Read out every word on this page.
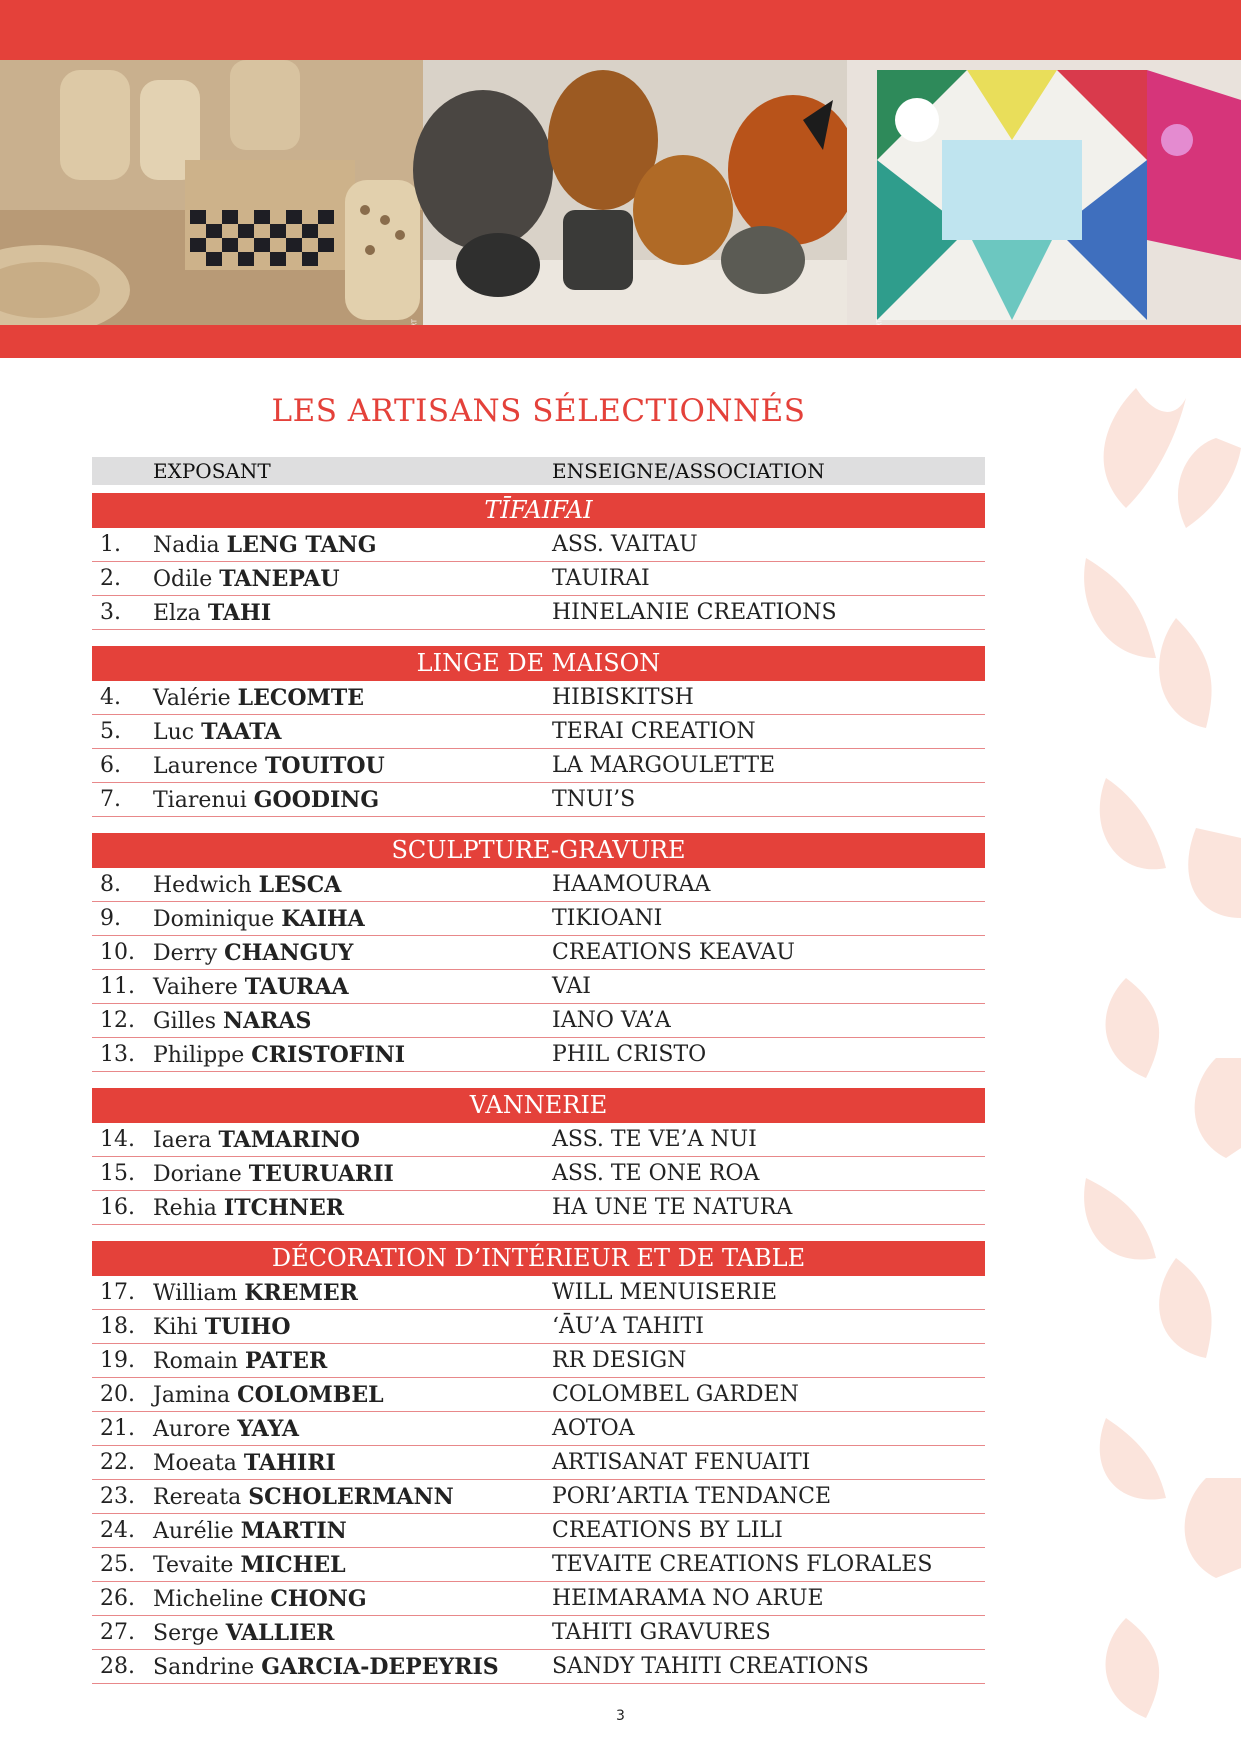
LES ARTISANS SÉLECTIONNÉS
EXPOSANT	ENSEIGNE/ASSOCIATION
TĪFAIFAI
1.	Nadia LENG TANG	ASS. VAITAU
2.	Odile TANEPAU	TAUIRAI
3.	Elza TAHI	HINELANIE CREATIONS
LINGE DE MAISON
4.	Valérie LECOMTE	HIBISKITSH
5.	Luc TAATA	TERAI CREATION
6.	Laurence TOUITOU	LA MARGOULETTE
7.	Tiarenui GOODING	TNUI’S
SCULPTURE-GRAVURE
8.	Hedwich LESCA	HAAMOURAA
9.	Dominique KAIHA	TIKIOANI
10. Derry CHANGUY	CREATIONS KEAVAU
11. Vaihere TAURAA	VAI
12. Gilles NARAS	IANO VA’A
13. Philippe CRISTOFINI	PHIL CRISTO
VANNERIE
14. Iaera TAMARINO	ASS. TE VE’A NUI
15. Doriane TEURUARII	ASS. TE ONE ROA
16. Rehia ITCHNER	HA UNE TE NATURA
DÉCORATION D’INTÉRIEUR ET DE TABLE
17. William KREMER	WILL MENUISERIE
18. Kihi TUIHO	‘ĀU’A TAHITI
19. Romain PATER	RR DESIGN
20. Jamina COLOMBEL	COLOMBEL GARDEN
21. Aurore YAYA	AOTOA
22. Moeata TAHIRI	ARTISANAT FENUAITI
23. Rereata SCHOLERMANN	PORI’ARTIA TENDANCE
24. Aurélie MARTIN	CREATIONS BY LILI
25. Tevaite MICHEL	TEVAITE CREATIONS FLORALES
26. Micheline CHONG	HEIMARAMA NO ARUE
27. Serge VALLIER	TAHITI GRAVURES
28. Sandrine GARCIA-DEPEYRIS	SANDY TAHITI CREATIONS
3
